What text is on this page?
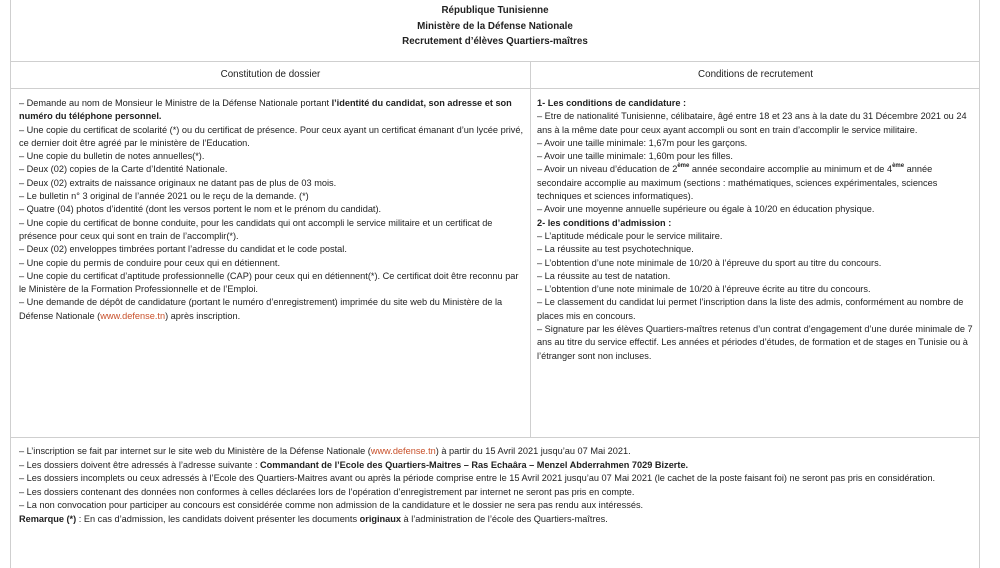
République Tunisienne
Ministère de la Défense Nationale
Recrutement d’élèves Quartiers-maîtres
Constitution de dossier

– Demande au nom de Monsieur le Ministre de la Défense Nationale portant l’identité du candidat, son adresse et son numéro du téléphone personnel.

– Une copie du certificat de scolarité (*) ou du certificat de présence. Pour ceux ayant un certificat émanant d’un lycée privé, ce dernier doit être agréé par le ministère de l’Education.

– Une copie du bulletin de notes annuelles(*).

– Deux (02) copies de la Carte d’Identité Nationale.

– Deux (02) extraits de naissance originaux ne datant pas de plus de 03 mois.

– Le bulletin n° 3 original de l’année 2021 ou le reçu de la demande. (*)

– Quatre (04) photos d’identité (dont les versos portent le nom et le prénom du candidat).

– Une copie du certificat de bonne conduite, pour les candidats qui ont accompli le service militaire et un certificat de présence pour ceux qui sont en train de l’accomplir(*).

– Deux (02) enveloppes timbrées portant l’adresse du candidat et le code postal.

– Une copie du permis de conduire pour ceux qui en détiennent.

– Une copie du certificat d’aptitude professionnelle (CAP) pour ceux qui en détiennent(*). Ce certificat doit être reconnu par le Ministère de la Formation Professionnelle et de l’Emploi.

– Une demande de dépôt de candidature (portant le numéro d’enregistrement) imprimée du site web du Ministère de la Défense Nationale (www.defense.tn) après inscription.

Conditions de recrutement

1- Les conditions de candidature :

– Etre de nationalité Tunisienne, célibataire, âgé entre 18 et 23 ans à la date du 31 Décembre 2021 ou 24 ans à la même date pour ceux ayant accompli ou sont en train d’accomplir le service militaire.

– Avoir une taille minimale: 1,67m pour les garçons.

– Avoir une taille minimale: 1,60m pour les filles.

– Avoir un niveau d’éducation de 2ème année secondaire accomplie au minimum et de 4ème année secondaire accomplie au maximum (sections : mathématiques, sciences expérimentales, sciences techniques et sciences informatiques).

– Avoir une moyenne annuelle supérieure ou égale à 10/20 en éducation physique.

2- les conditions d’admission :

– L’aptitude médicale pour le service militaire.

– La réussite au test psychotechnique.

– L’obtention d’une note minimale de 10/20 à l’épreuve du sport au titre du concours.

– La réussite au test de natation.

– L’obtention d’une note minimale de 10/20 à l’épreuve écrite au titre du concours.

– Le classement du candidat lui permet l’inscription dans la liste des admis, conformément au nombre de places mis en concours.

– Signature par les élèves Quartiers-maîtres retenus d’un contrat d’engagement d’une durée minimale de 7 ans au titre du service effectif. Les années et périodes d’études, de formation et de stages en Tunisie ou à l’étranger sont non incluses.

– L’inscription se fait par internet sur le site web du Ministère de la Défense Nationale (www.defense.tn) à partir du 15 Avril 2021 jusqu’au 07 Mai 2021.

– Les dossiers doivent être adressés à l’adresse suivante : Commandant de l’Ecole des Quartiers-Maitres – Ras Echaâra – Menzel Abderrahmen 7029 Bizerte.

– Les dossiers incomplets ou ceux adressés à l’Ecole des Quartiers-Maitres avant ou après la période comprise entre le 15 Avril 2021 jusqu’au 07 Mai 2021 (le cachet de la poste faisant foi) ne seront pas pris en considération.

– Les dossiers contenant des données non conformes à celles déclarées lors de l’opération d’enregistrement par internet ne seront pas pris en compte.

– La non convocation pour participer au concours est considérée comme non admission de la candidature et le dossier ne sera pas rendu aux intéressés.

Remarque (*) : En cas d’admission, les candidats doivent présenter les documents originaux à l’administration de l’école des Quartiers-maîtres.
